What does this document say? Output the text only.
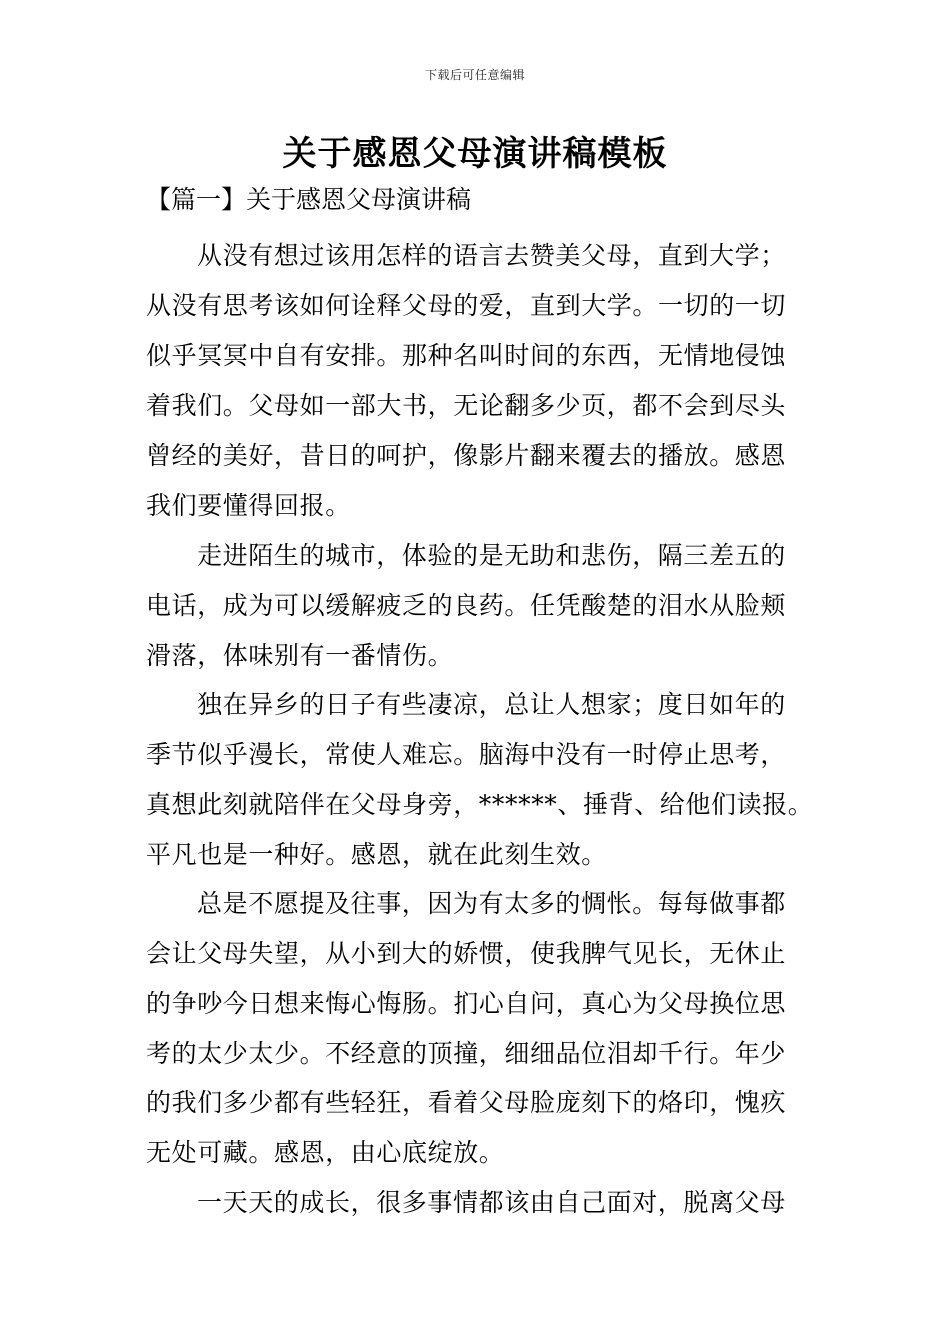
下载后可任意编辑
关于感恩父母演讲稿模板
【篇一】关于感恩父母演讲稿
从没有想过该用怎样的语言去赞美父母，直到大学；
从没有思考该如何诠释父母的爱，直到大学。一切的一切
似乎冥冥中自有安排。那种名叫时间的东西，无情地侵蚀
着我们。父母如一部大书，无论翻多少页，都不会到尽头
曾经的美好，昔日的呵护，像影片翻来覆去的播放。感恩
我们要懂得回报。
走进陌生的城市，体验的是无助和悲伤，隔三差五的
电话，成为可以缓解疲乏的良药。任凭酸楚的泪水从脸颊
滑落，体味别有一番情伤。
独在异乡的日子有些凄凉，总让人想家；度日如年的
季节似乎漫长，常使人难忘。脑海中没有一时停止思考，
真想此刻就陪伴在父母身旁，******、捶背、给他们读报。
平凡也是一种好。感恩，就在此刻生效。
总是不愿提及往事，因为有太多的惆怅。每每做事都
会让父母失望，从小到大的娇惯，使我脾气见长，无休止
的争吵今日想来悔心悔肠。扪心自问，真心为父母换位思
考的太少太少。不经意的顶撞，细细品位泪却千行。年少
的我们多少都有些轻狂，看着父母脸庞刻下的烙印，愧疚
无处可藏。感恩，由心底绽放。
一天天的成长，很多事情都该由自己面对，脱离父母
